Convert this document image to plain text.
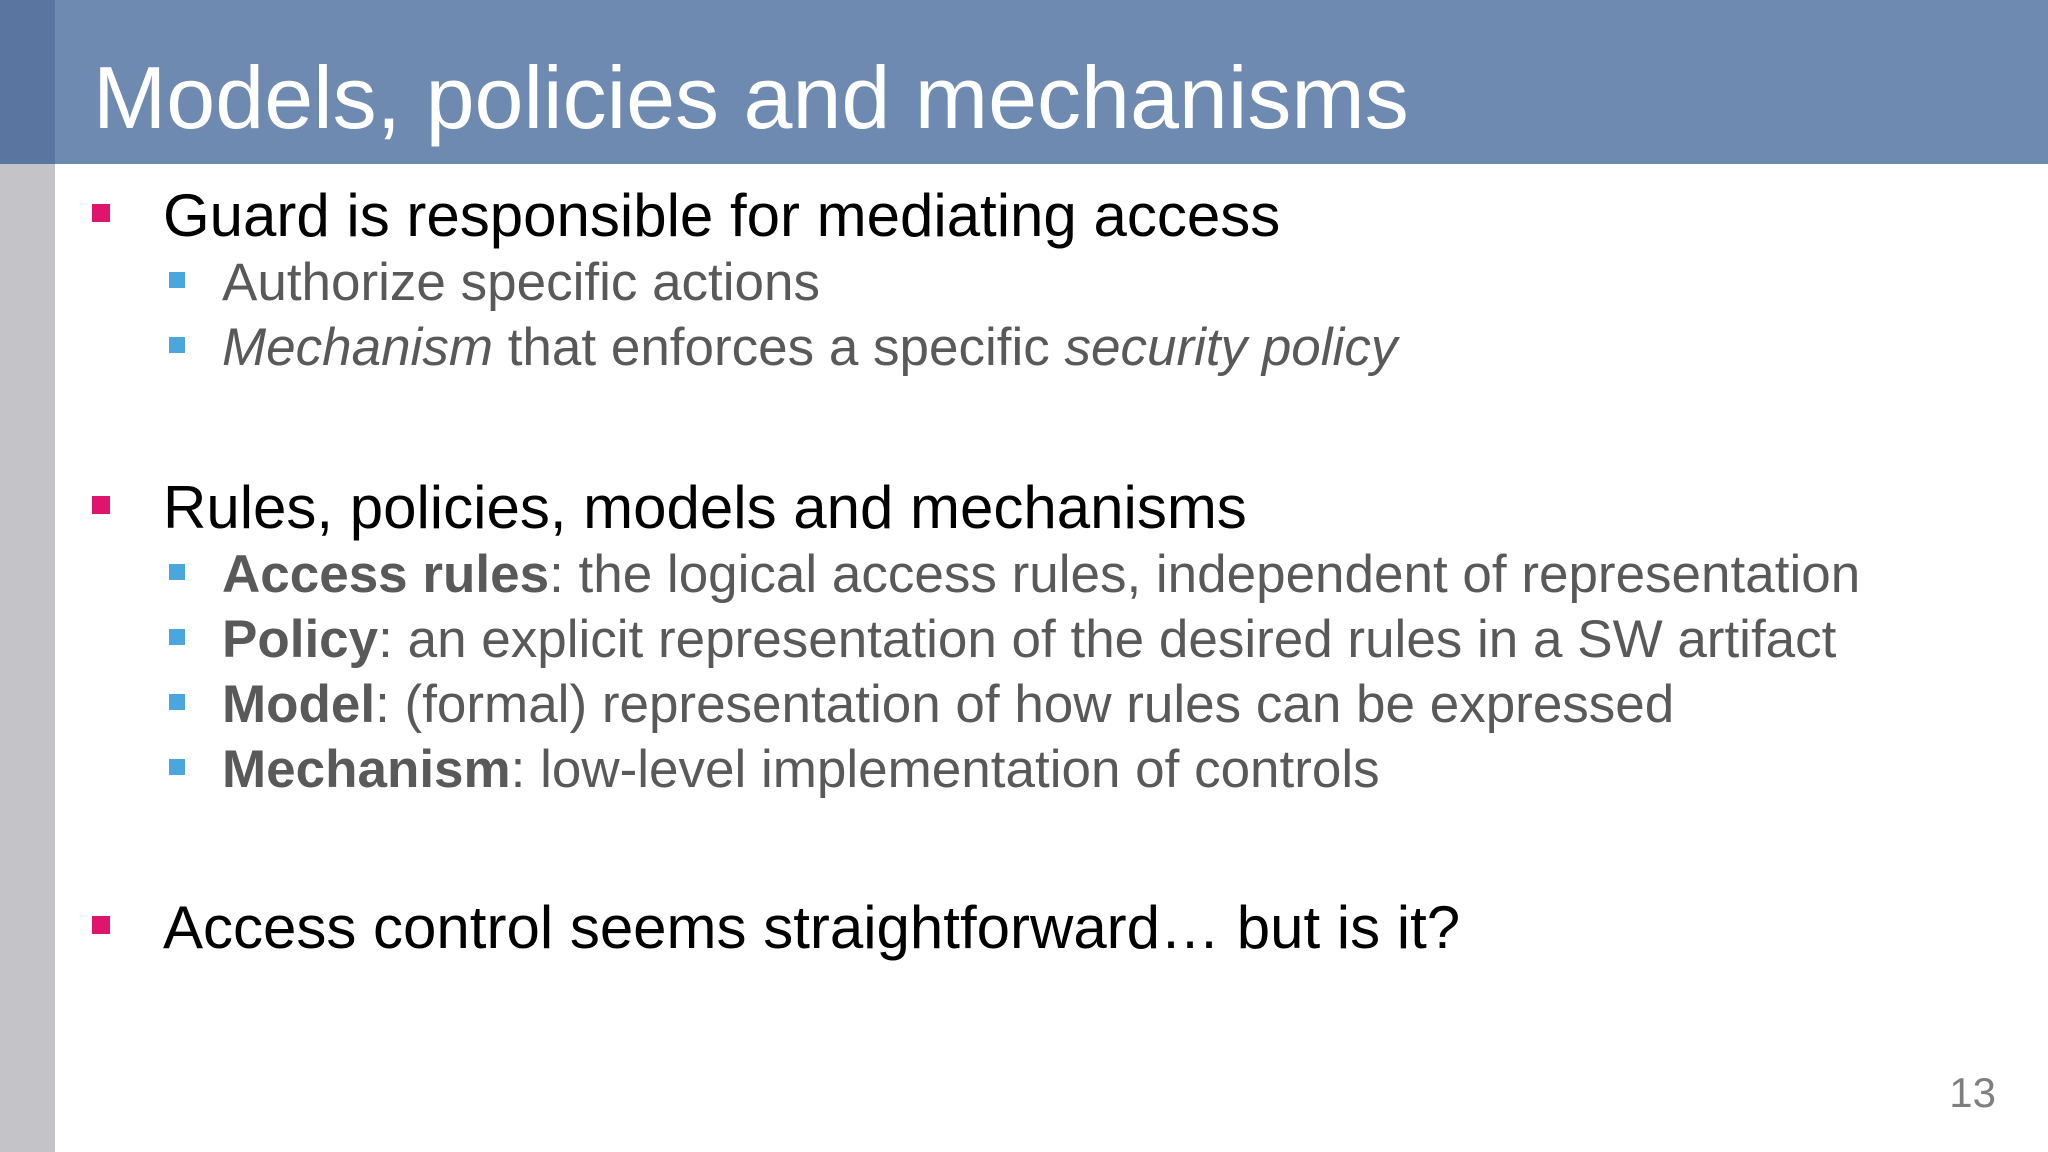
Models, policies and mechanisms
Guard is responsible for mediating access
Authorize specific actions
Mechanism that enforces a specific security policy
Rules, policies, models and mechanisms
Access rules: the logical access rules, independent of representation
Policy: an explicit representation of the desired rules in a SW artifact
Model: (formal) representation of how rules can be expressed
Mechanism: low-level implementation of controls
Access control seems straightforward… but is it?
13
